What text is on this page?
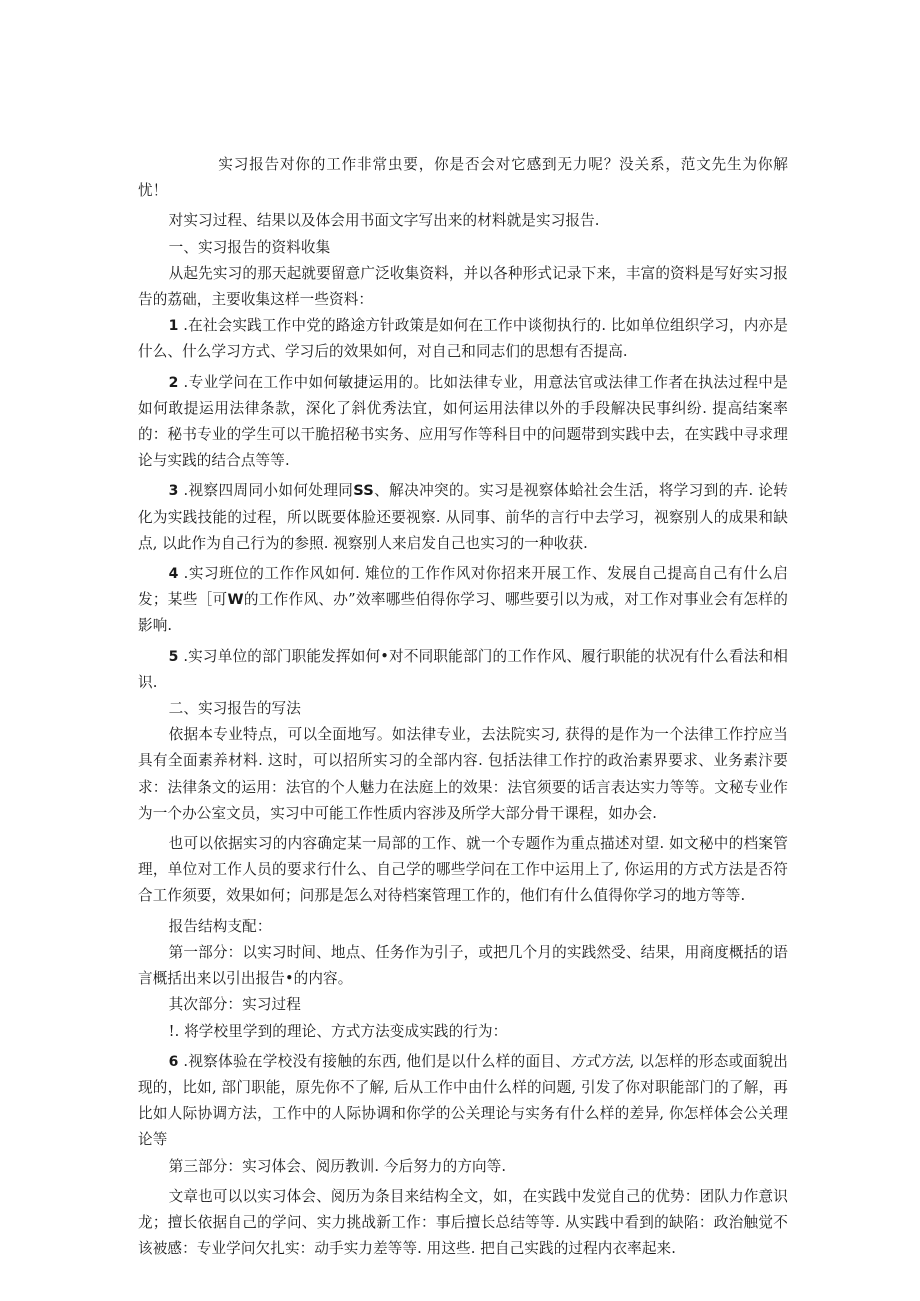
实习报告对你的工作非常虫要，你是否会对它感到无力呢？没关系，范文先生为你解忧！

对实习过程、结果以及体会用书面文字写出来的材料就是实习报告.

一、实习报告的资料收集

从起先实习的那天起就要留意广泛收集资料，并以各种形式记录下来，丰富的资料是写好实习报告的荔础，主要收集这样一些资料：

1 .在社会实践工作中党的路途方针政策是如何在工作中谈彻执行的. 比如单位组织学习，内亦是什么、什么学习方式、学习后的效果如何，对自己和同志们的思想有否提高.

2 .专业学问在工作中如何敏捷运用的。比如法律专业，用意法官或法律工作者在执法过程中是如何敢提运用法律条款，深化了斜优秀法宜，如何运用法律以外的手段解决民事纠纷. 提高结案率的：秘书专业的学生可以干脆招秘书实务、应用写作等科目中的问题帯到实践中去，在实践中寻求理论与实践的结合点等等.

3 .视察四周同小如何处理同SS、解决冲突的。实习是视察体蛤社会生活，将学习到的卉. 论转化为实践技能的过程，所以既要体脸还要视察. 从同事、前华的言行中去学习，视察别人的成果和缺点, 以此作为自己行为的参照. 视察别人来启发自己也实习的一种收获.

4 .实习班位的工作作风如何. 雉位的工作作风对你招来开展工作、发展自己提高自己有什么启发；某些［可W的工作作风、办”效率哪些伯得你学习、哪些要引以为戒，对工作对事业会有怎样的影响.

5 .实习单位的部门职能发挥如何•对不同职能部门的工作作风、履行职能的状况有什么看法和相识.

二、实习报告的写法

依据本专业特点，可以全面地写。如法律专业，去法院实习, 获得的是作为一个法律工作拧应当具有全面素养材料. 这时，可以招所实习的全部内容. 包括法律工作拧的政治素界要求、业务素汴要求：法律条文的运用：法官的个人魅力在法庭上的效果：法官须要的话言表达实力等等。文秘专业作为一个办公室文员，实习中可能工作性质内容涉及所学大部分骨干课程，如办会.

也可以依据实习的内容确定某一局部的工作、就一个专题作为重点描述对望. 如文秘中的档案管理，单位对工作人员的要求行什么、自己学的哪些学问在工作中运用上了, 你运用的方式方法是否符合工作须要，效果如何；问那是怎么对待档案管理工作的，他们有什么值得你学习的地方等等.

报告结构支配：

第一部分：以实习时间、地点、任务作为引子，或把几个月的实践然受、结果，用商度概括的语言概括出来以引出报告•的内容。

其次部分：实习过程

!. 将学校里学到的理论、方式方法变成实践的行为：

6 .视察体验在学校没有接触的东西, 他们是以什么样的面目、方式方法, 以怎样的形态或面貌出现的，比如, 部门职能，原先你不了解, 后从工作中由什么样的问题, 引发了你对职能部门的了解，再比如人际协调方法，工作中的人际协调和你学的公关理论与实务有什么样的差异, 你怎样体会公关理论等

第三部分：实习体会、阅历教训. 今后努力的方向等.

文章也可以以实习体会、阅历为条目来结构全文，如，在实践中发觉自己的优势：团队力作意识龙；擅长依据自己的学问、实力挑战新工作：事后擅长总结等等. 从实践中看到的缺陷：政治触觉不该被感：专业学问欠扎实：动手实力差等等. 用这些. 把自己实践的过程内衣率起来.
